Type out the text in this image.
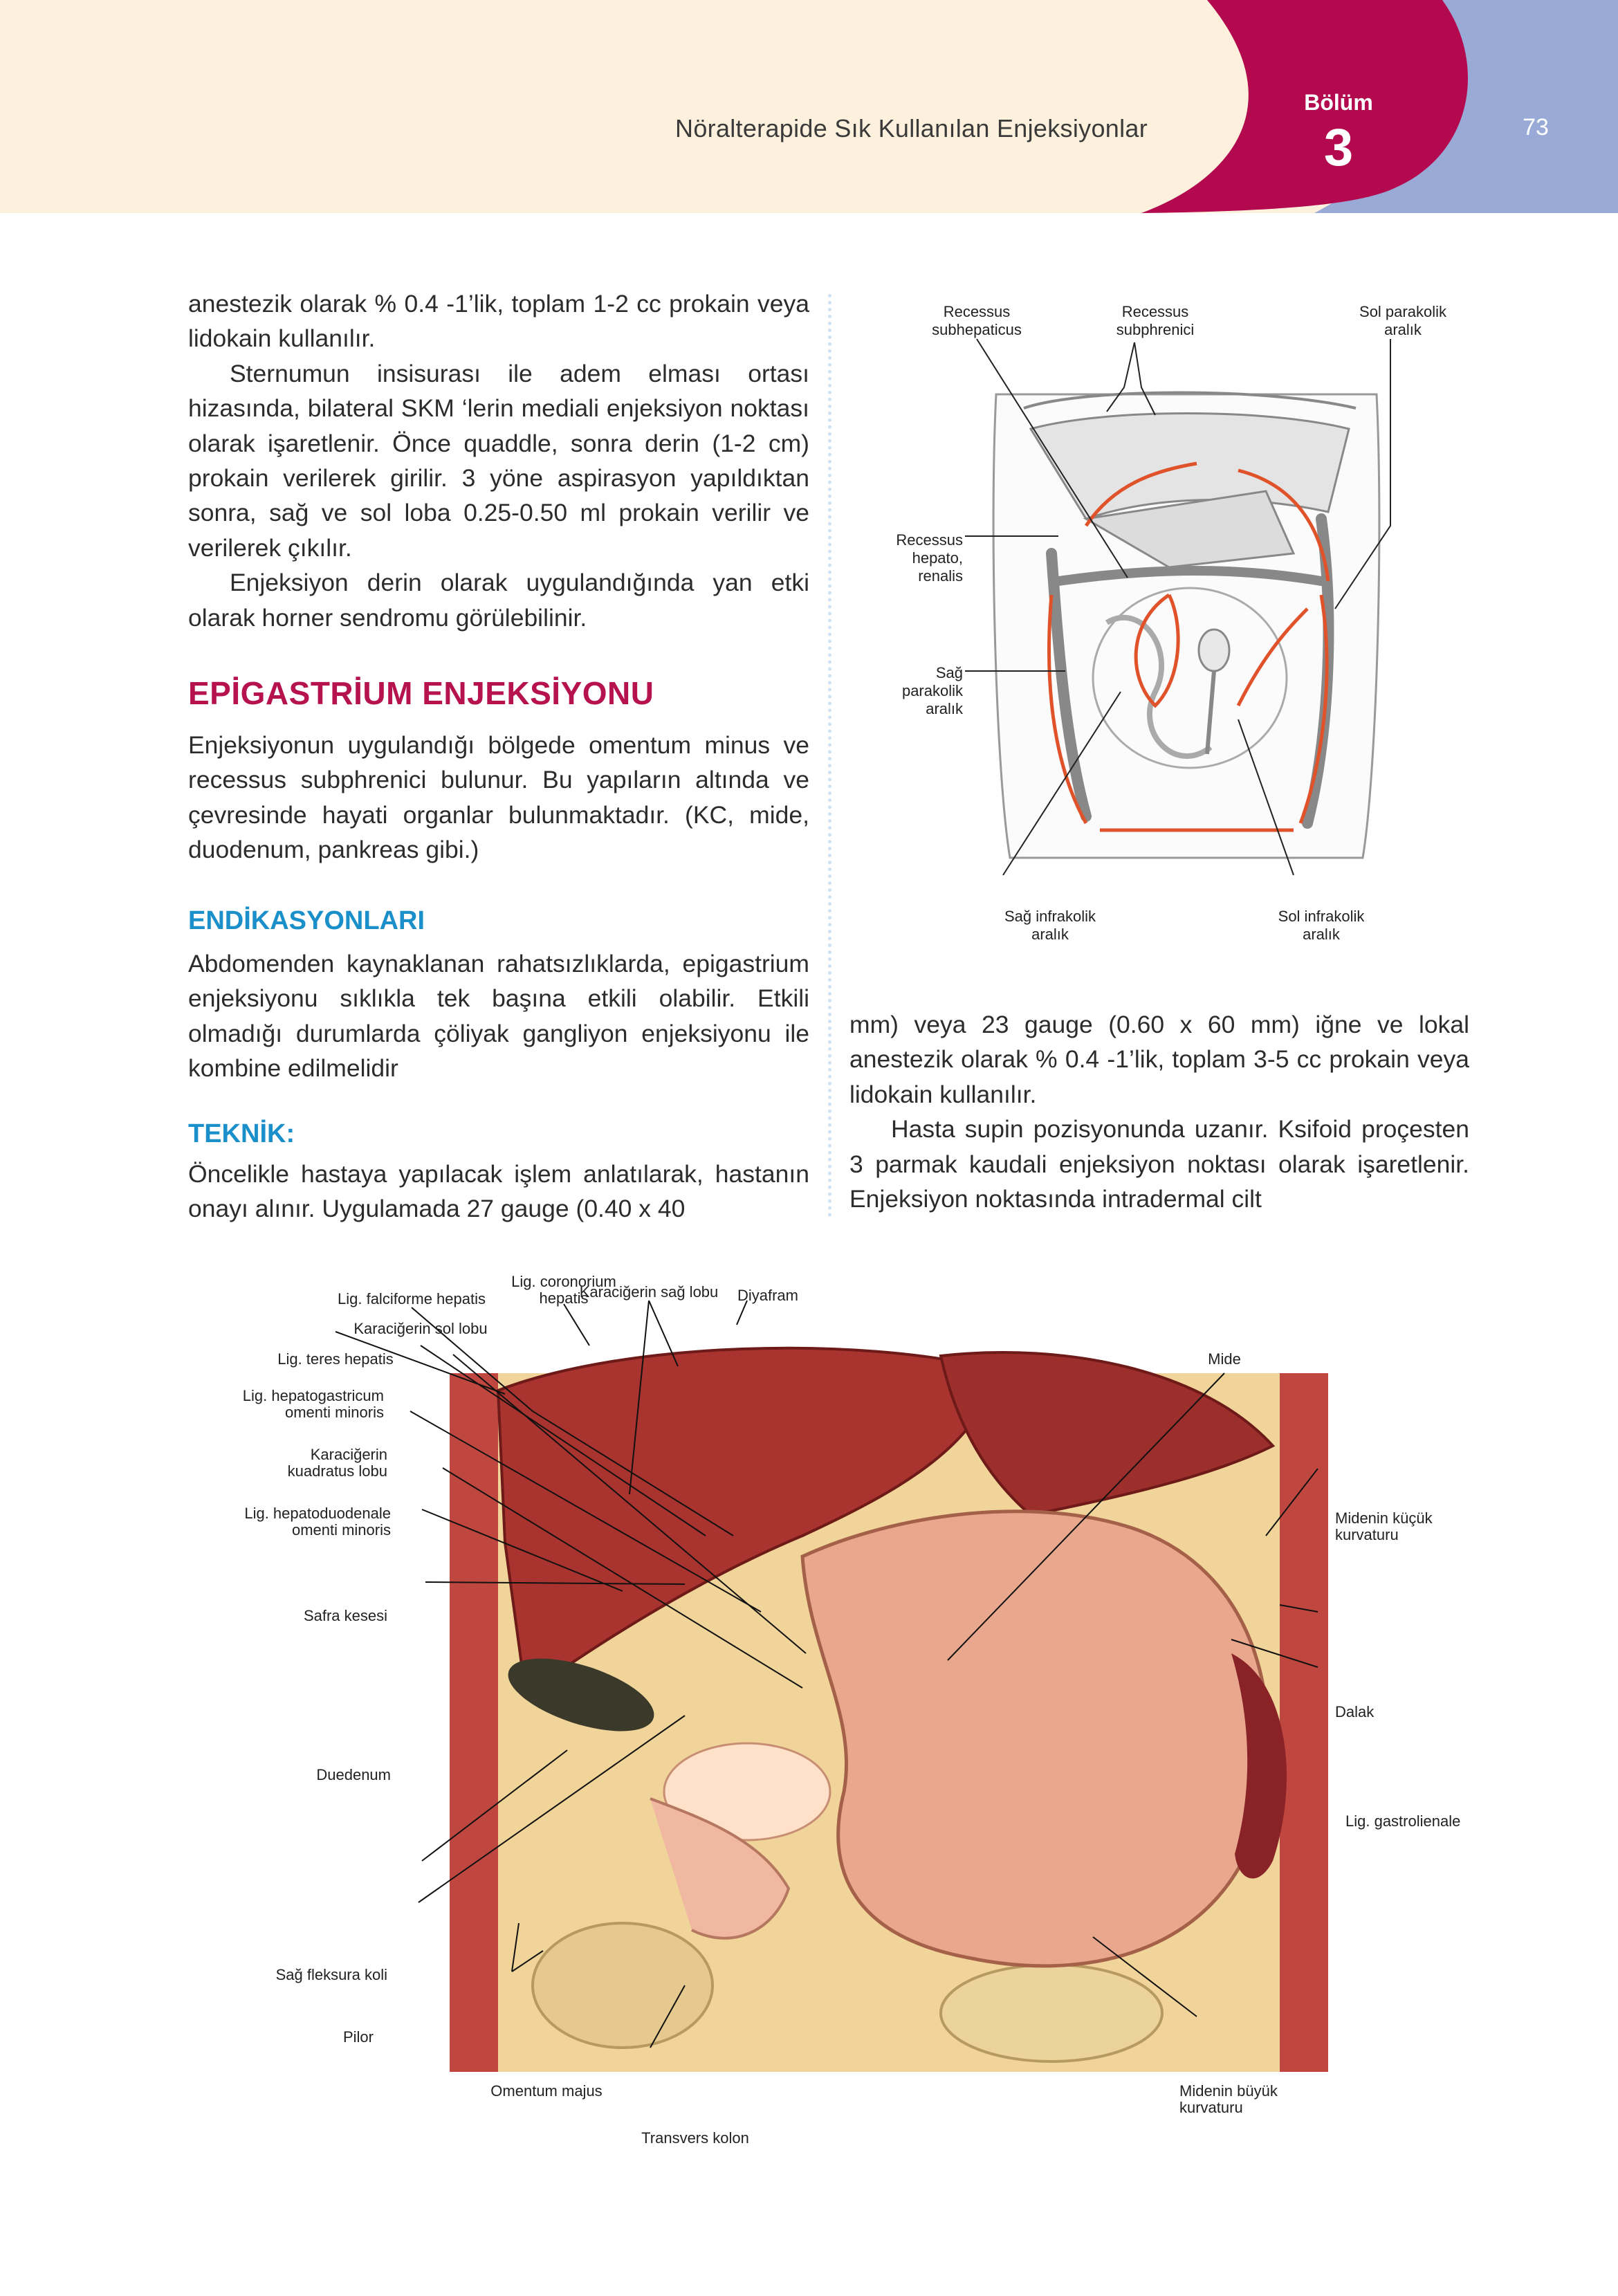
Nöralterapide Sık Kullanılan Enjeksiyonlar
Bölüm
3	73

anestezik olarak % 0.4 -1’lik, toplam 1-2 cc prokain veya lidokain kullanılır.

Sternumun insisurası ile adem elması ortası hizasında, bilateral SKM ‘lerin mediali enjeksiyon noktası olarak işaretlenir. Önce quaddle, sonra derin (1-2 cm) prokain verilerek girilir. 3 yöne aspirasyon yapıldıktan sonra, sağ ve sol loba 0.25-0.50 ml prokain verilir ve verilerek çıkılır.

Enjeksiyon derin olarak uygulandığında yan etki olarak horner sendromu görülebilinir.

EPİGASTRİUM ENJEKSİYONU

Enjeksiyonun uygulandığı bölgede omentum minus ve recessus subphrenici bulunur. Bu yapıların altında ve çevresinde hayati organlar bulunmaktadır. (KC, mide, duodenum, pankreas gibi.)

ENDİKASYONLARI

Abdomenden kaynaklanan rahatsızlıklarda, epigastrium enjeksiyonu sıklıkla tek başına etkili olabilir. Etkili olmadığı durumlarda çöliyak gangliyon enjeksiyonu ile kombine edilmelidir

TEKNİK:

Öncelikle hastaya yapılacak işlem anlatılarak, hastanın onayı alınır. Uygulamada 27 gauge (0.40 x 40

mm) veya 23 gauge (0.60 x 60 mm) iğne ve lokal anestezik olarak % 0.4 -1’lik, toplam 3-5 cc prokain veya lidokain kullanılır.

Hasta supin pozisyonunda uzanır. Ksifoid proçesten 3 parmak kaudali enjeksiyon noktası olarak işaretlenir. Enjeksiyon noktasında intradermal cilt

Recessus subhepaticus
Recessus subphrenici
Sol parakolik aralık
Recessus hepato, renalis
Sağ parakolik aralık
Sağ infrakolik aralık
Sol infrakolik aralık
Lig. falciforme hepatis
Lig. coronorium hepatis
Karaciğerin sağ lobu Diyafram
Karaciğerin sol lobu
Lig. teres hepatis	Mide
Lig. hepatogastricum omenti minoris
Karaciğerin kuadratus lobu
Lig. hepatoduodenale omenti minoris
Midenin küçük kurvaturu
Safra kesesi
Dalak
Duedenum
Lig. gastrolienale
Sağ fleksura koli
Pilor
Omentum majus	Midenin büyük kurvaturu
Transvers kolon
